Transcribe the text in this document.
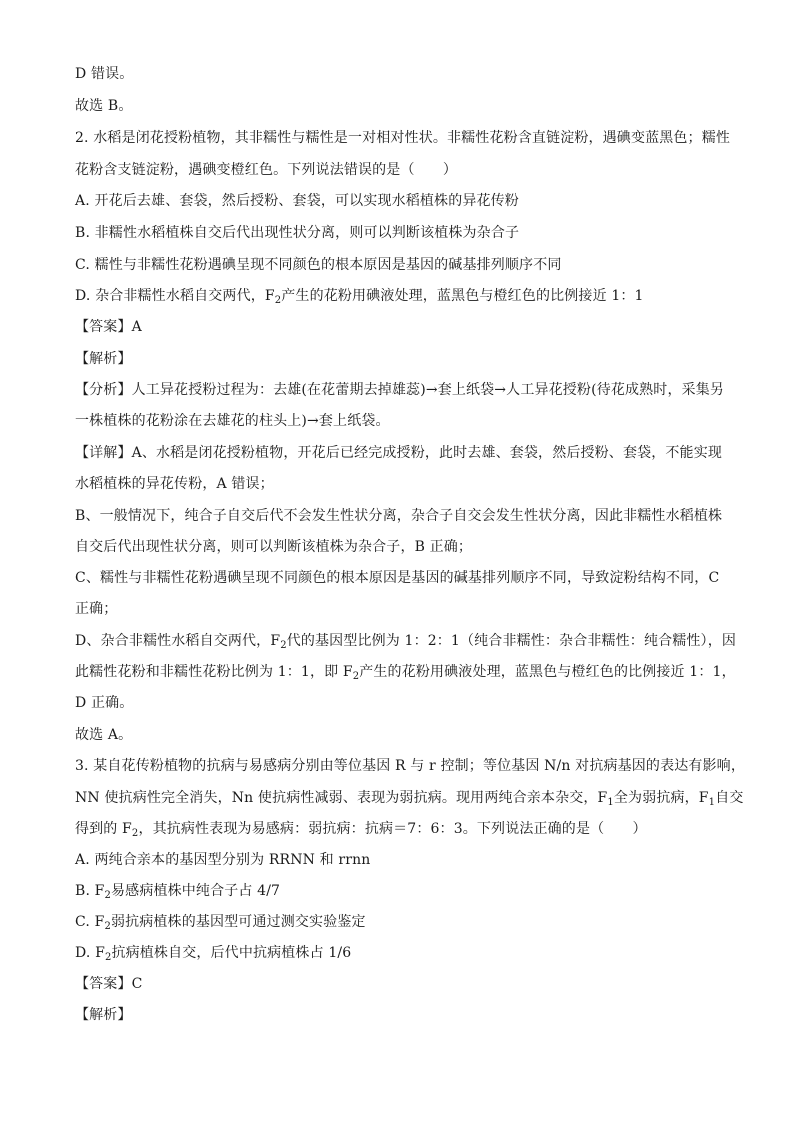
D 错误。
故选 B。
2. 水稻是闭花授粉植物，其非糯性与糯性是一对相对性状。非糯性花粉含直链淀粉，遇碘变蓝黑色；糯性
花粉含支链淀粉，遇碘变橙红色。下列说法错误的是（　　）
A. 开花后去雄、套袋，然后授粉、套袋，可以实现水稻植株的异花传粉
B. 非糯性水稻植株自交后代出现性状分离，则可以判断该植株为杂合子
C. 糯性与非糯性花粉遇碘呈现不同颜色的根本原因是基因的碱基排列顺序不同
D. 杂合非糯性水稻自交两代，$F_2$产生的花粉用碘液处理，蓝黑色与橙红色的比例接近 1：1
【答案】A
【解析】
【分析】人工异花授粉过程为：去雄(在花蕾期去掉雄蕊)→套上纸袋→人工异花授粉(待花成熟时，采集另
一株植株的花粉涂在去雄花的柱头上)→套上纸袋。
【详解】A、水稻是闭花授粉植物，开花后已经完成授粉，此时去雄、套袋，然后授粉、套袋，不能实现
水稻植株的异花传粉，A 错误；
B、一般情况下，纯合子自交后代不会发生性状分离，杂合子自交会发生性状分离，因此非糯性水稻植株
自交后代出现性状分离，则可以判断该植株为杂合子，B 正确；
C、糯性与非糯性花粉遇碘呈现不同颜色的根本原因是基因的碱基排列顺序不同，导致淀粉结构不同，C
正确；
D、杂合非糯性水稻自交两代，$F_2$代的基因型比例为 1：2：1（纯合非糯性：杂合非糯性：纯合糯性），因
此糯性花粉和非糯性花粉比例为 1：1，即 $F_2$产生的花粉用碘液处理，蓝黑色与橙红色的比例接近 1：1，
D 正确。
故选 A。
3. 某自花传粉植物的抗病与易感病分别由等位基因 R 与 r 控制；等位基因 N/n 对抗病基因的表达有影响，
NN 使抗病性完全消失，Nn 使抗病性减弱、表现为弱抗病。现用两纯合亲本杂交，$F_1$全为弱抗病，$F_1$自交
得到的 $F_2$，其抗病性表现为易感病：弱抗病：抗病＝7：6：3。下列说法正确的是（　　）
A. 两纯合亲本的基因型分别为 RRNN 和 rrnn
B. $F_2$易感病植株中纯合子占 4/7
C. $F_2$弱抗病植株的基因型可通过测交实验鉴定
D. $F_2$抗病植株自交，后代中抗病植株占 1/6
【答案】C
【解析】
